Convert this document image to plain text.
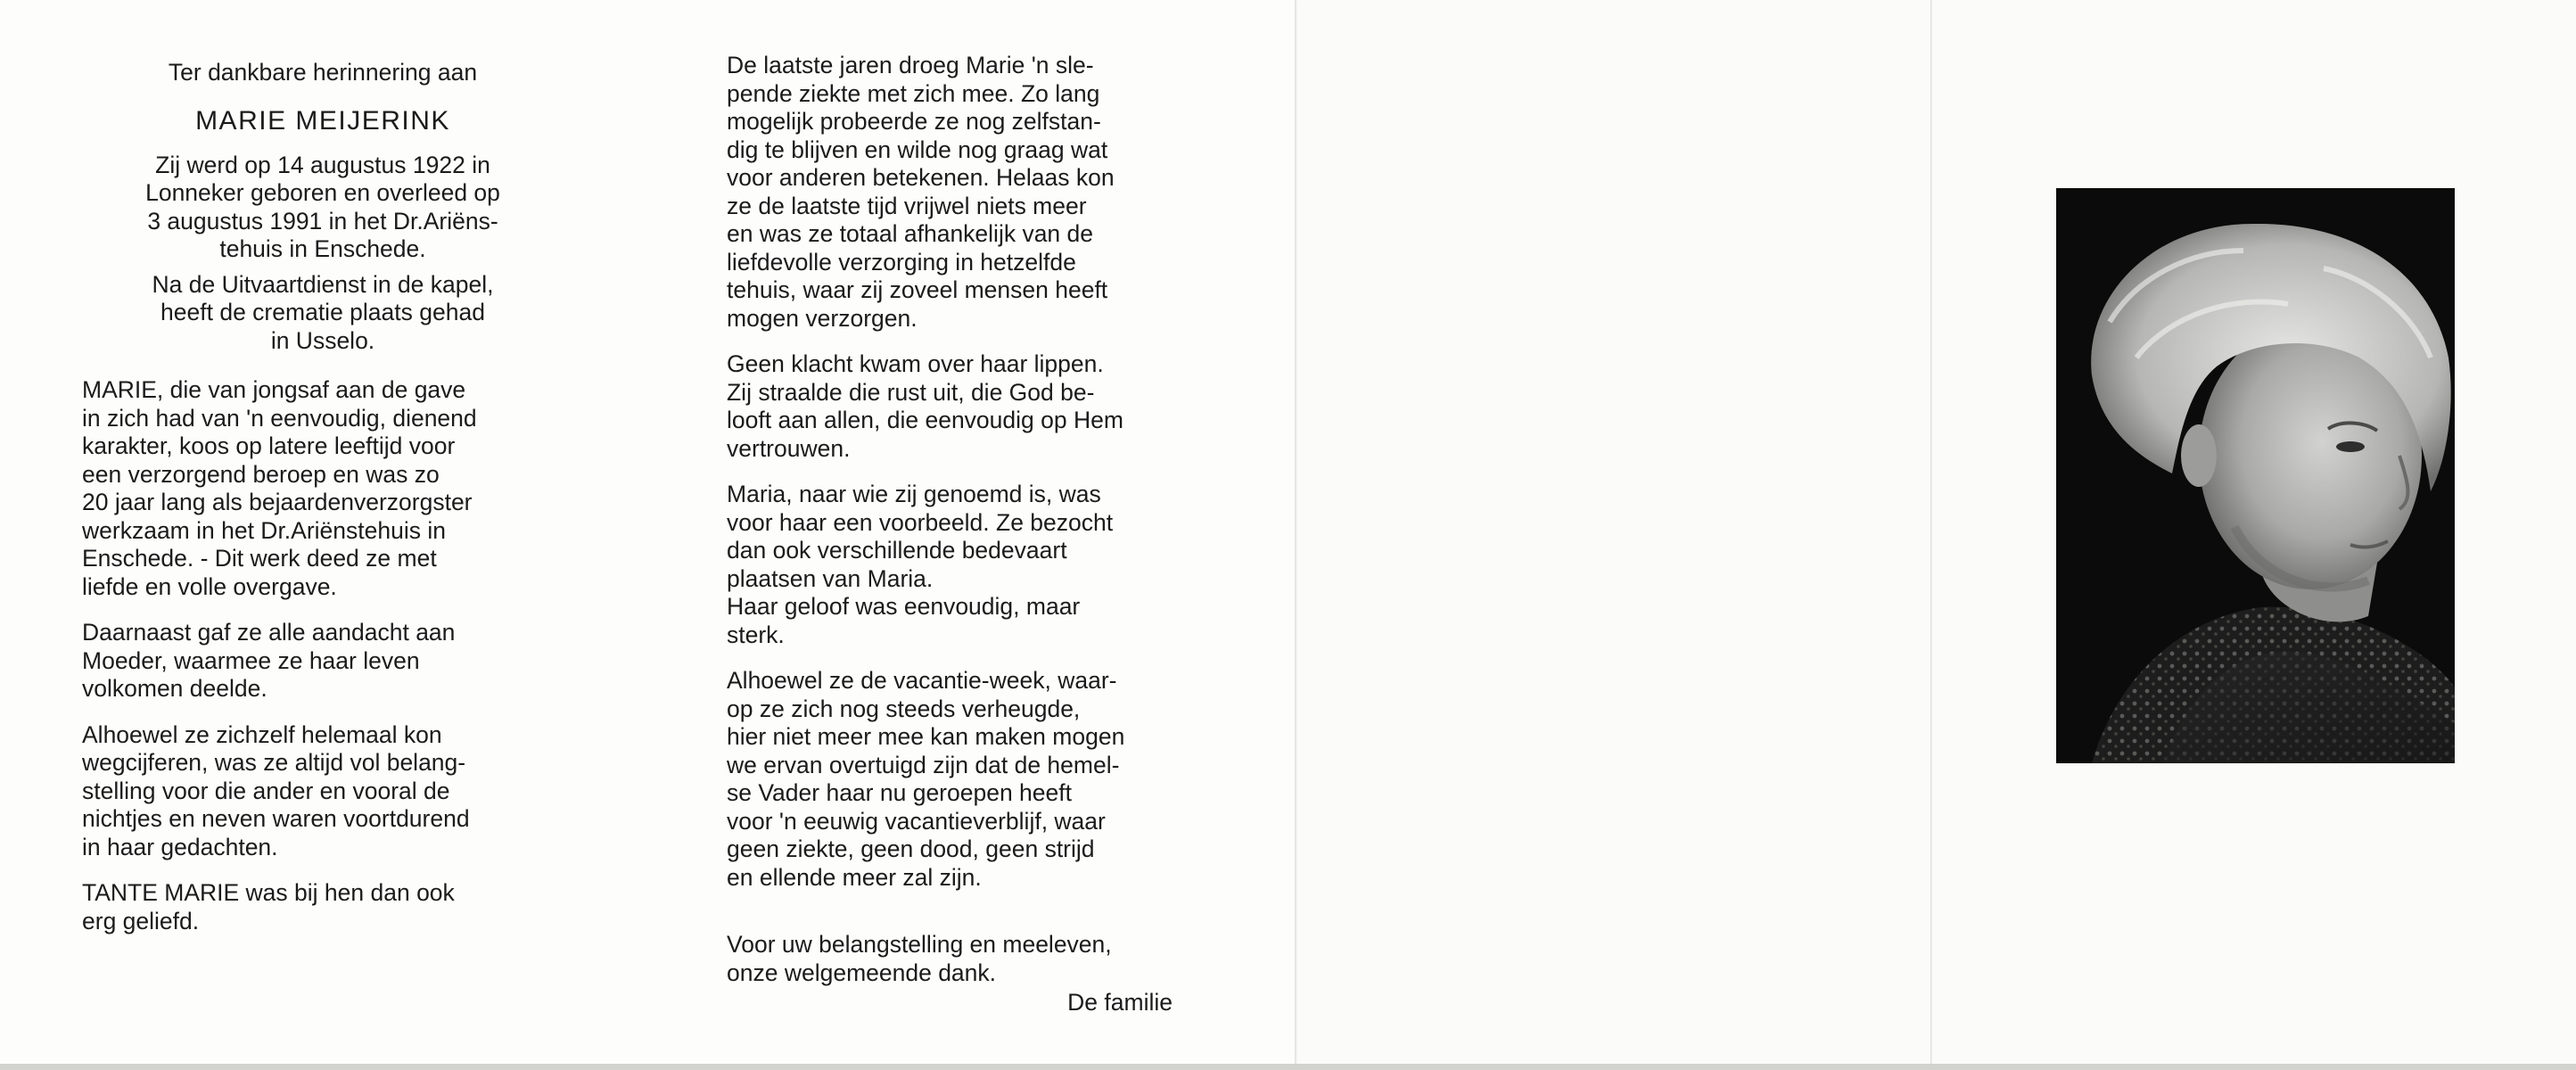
Ter dankbare herinnering aan

MARIE MEIJERINK

Zij werd op 14 augustus 1922 in

Lonneker geboren en overleed op

3 augustus 1991 in het Dr.Ariëns-

tehuis in Enschede.

Na de Uitvaartdienst in de kapel,

heeft de crematie plaats gehad

in Usselo.

MARIE, die van jongsaf aan de gave

in zich had van 'n eenvoudig, dienend

karakter, koos op latere leeftijd voor

een verzorgend beroep en was zo

20 jaar lang als bejaardenverzorgster

werkzaam in het Dr.Ariënstehuis in

Enschede. - Dit werk deed ze met

liefde en volle overgave.

Daarnaast gaf ze alle aandacht aan

Moeder, waarmee ze haar leven

volkomen deelde.

Alhoewel ze zichzelf helemaal kon

wegcijferen, was ze altijd vol belang-

stelling voor die ander en vooral de

nichtjes en neven waren voortdurend

in haar gedachten.

TANTE MARIE was bij hen dan ook

erg geliefd.

De laatste jaren droeg Marie 'n sle-

pende ziekte met zich mee. Zo lang

mogelijk probeerde ze nog zelfstan-

dig te blijven en wilde nog graag wat

voor anderen betekenen. Helaas kon

ze de laatste tijd vrijwel niets meer

en was ze totaal afhankelijk van de

liefdevolle verzorging in hetzelfde

tehuis, waar zij zoveel mensen heeft

mogen verzorgen.

Geen klacht kwam over haar lippen.

Zij straalde die rust uit, die God be-

looft aan allen, die eenvoudig op Hem

vertrouwen.

Maria, naar wie zij genoemd is, was

voor haar een voorbeeld. Ze bezocht

dan ook verschillende bedevaart

plaatsen van Maria.

Haar geloof was eenvoudig, maar

sterk.

Alhoewel ze de vacantie-week, waar-

op ze zich nog steeds verheugde,

hier niet meer mee kan maken mogen

we ervan overtuigd zijn dat de hemel-

se Vader haar nu geroepen heeft

voor 'n eeuwig vacantieverblijf, waar

geen ziekte, geen dood, geen strijd

en ellende meer zal zijn.

Voor uw belangstelling en meeleven,

onze welgemeende dank.

De familie
